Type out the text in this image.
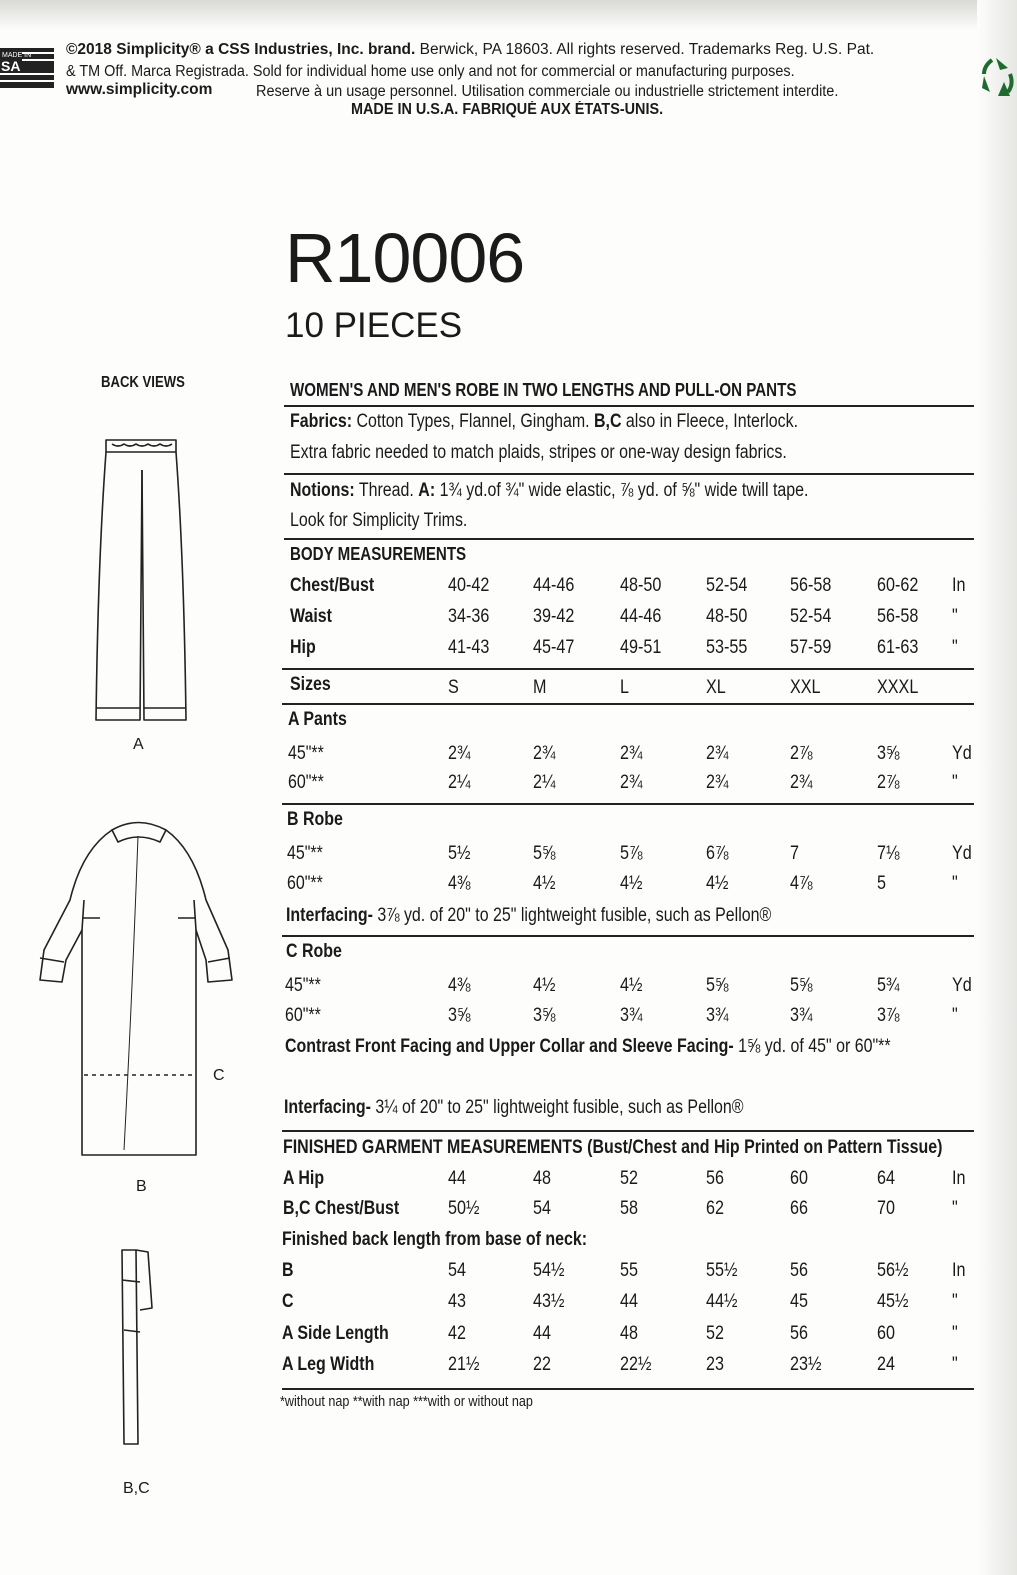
MADE IN
SA
©2018 Simplicity® a CSS Industries, Inc. brand. Berwick, PA 18603. All rights reserved. Trademarks Reg. U.S. Pat.
& TM Off. Marca Registrada. Sold for individual home use only and not for commercial or manufacturing purposes.
www.simplicity.com	Reserve à un usage personnel. Utilisation commerciale ou industrielle strictement interdite.
MADE IN U.S.A. FABRIQUÉ AUX ÉTATS-UNIS.
R10006
10 PIECES
BACK VIEWS
A
C
B
B,C
WOMEN'S AND MEN'S ROBE IN TWO LENGTHS AND PULL-ON PANTS
Fabrics: Cotton Types, Flannel, Gingham. B,C also in Fleece, Interlock.
Extra fabric needed to match plaids, stripes or one-way design fabrics.
Notions: Thread. A: 1¾ yd.of ¾" wide elastic, ⅞ yd. of ⅝" wide twill tape.
Look for Simplicity Trims.
BODY MEASUREMENTS
Chest/Bust	40-42 44-46 48-50 52-54 56-58 60-62 In
Waist	34-36 39-42 44-46 48-50 52-54 56-58 "
Hip	41-43 45-47 49-51 53-55 57-59 61-63 "
Sizes	S	M	L	XL	XXL	XXXL
A Pants
45"**	2¾	2¾	2¾	2¾	2⅞	3⅝	Yd
60"**	2¼	2¼	2¾	2¾	2¾	2⅞	"
B Robe
45"**	5½	5⅝	5⅞	6⅞	7	7⅛	Yd
60"**	4⅜	4½	4½	4½	4⅞	5	"
Interfacing- 3⅞ yd. of 20" to 25" lightweight fusible, such as Pellon®
C Robe
45"**	4⅜	4½	4½	5⅝	5⅝	5¾	Yd
60"**	3⅝	3⅝	3¾	3¾	3¾	3⅞	"
Contrast Front Facing and Upper Collar and Sleeve Facing- 1⅝ yd. of 45" or 60"**
Interfacing- 3¼ of 20" to 25" lightweight fusible, such as Pellon®
FINISHED GARMENT MEASUREMENTS (Bust/Chest and Hip Printed on Pattern Tissue)
A Hip	44	48	52	56	60	64	In
B,C Chest/Bust	50½	54	58	62	66	70	"
Finished back length from base of neck:
B	54	54½	55	55½	56	56½ In
C	43	43½	44	44½	45	45½ "
A Side Length	42	44	48	52	56	60	"
A Leg Width	21½	22	22½	23	23½	24	"
*without nap **with nap ***with or without nap
